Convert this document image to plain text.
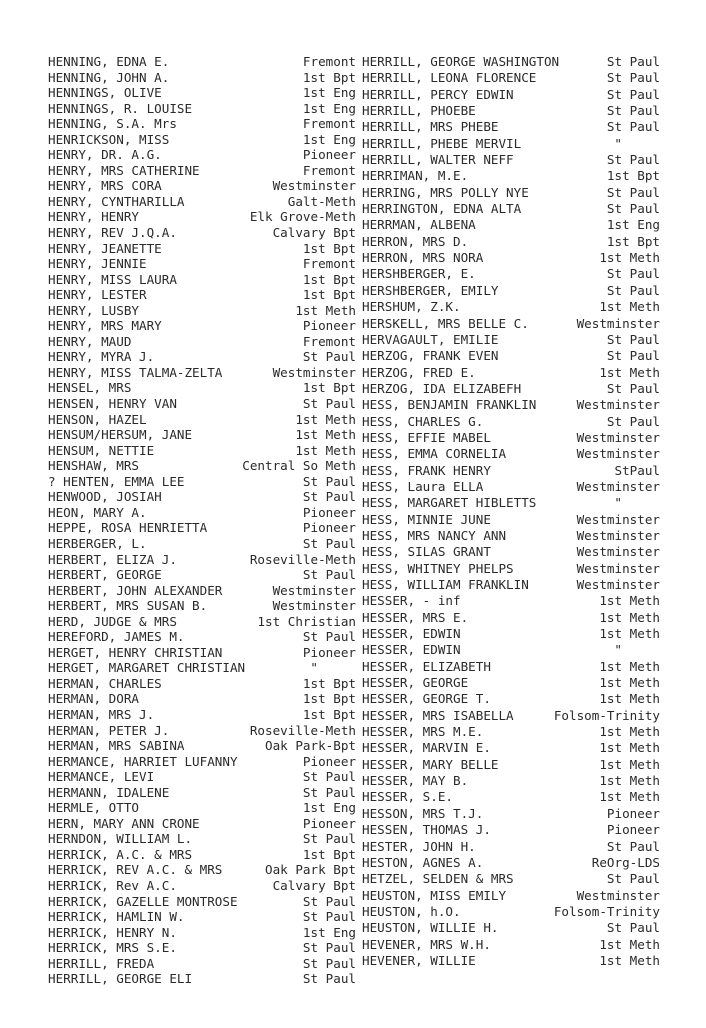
HENNING, EDNA E.	Fremont
HENNING, JOHN A.	1st Bpt
HENNINGS, OLIVE	1st Eng
HENNINGS, R. LOUISE	1st Eng
HENNING, S.A. Mrs	Fremont
HENRICKSON, MISS	1st Eng
HENRY, DR. A.G.	Pioneer
HENRY, MRS CATHERINE	Fremont
HENRY, MRS CORA	Westminster
HENRY, CYNTHARILLA	Galt-Meth
HENRY, HENRY	Elk Grove-Meth
HENRY, REV J.Q.A.	Calvary Bpt
HENRY, JEANETTE	1st Bpt
HENRY, JENNIE	Fremont
HENRY, MISS LAURA	1st Bpt
HENRY, LESTER	1st Bpt
HENRY, LUSBY	1st Meth
HENRY, MRS MARY	Pioneer
HENRY, MAUD	Fremont
HENRY, MYRA J.	St Paul
HENRY, MISS TALMA-ZELTA	Westminster
HENSEL, MRS	1st Bpt
HENSEN, HENRY VAN	St Paul
HENSON, HAZEL	1st Meth
HENSUM/HERSUM, JANE	1st Meth
HENSUM, NETTIE	1st Meth
HENSHAW, MRS	Central So Meth
? HENTEN, EMMA LEE	St Paul
HENWOOD, JOSIAH	St Paul
HEON, MARY A.	Pioneer
HEPPE, ROSA HENRIETTA	Pioneer
HERBERGER, L.	St Paul
HERBERT, ELIZA J.	Roseville-Meth
HERBERT, GEORGE	St Paul
HERBERT, JOHN ALEXANDER	Westminster
HERBERT, MRS SUSAN B.	Westminster
HERD, JUDGE & MRS	1st Christian
HEREFORD, JAMES M.	St Paul
HERGET, HENRY CHRISTIAN	Pioneer
HERGET, MARGARET CHRISTIAN	"
HERMAN, CHARLES	1st Bpt
HERMAN, DORA	1st Bpt
HERMAN, MRS J.	1st Bpt
HERMAN, PETER J.	Roseville-Meth
HERMAN, MRS SABINA	Oak Park-Bpt
HERMANCE, HARRIET LUFANNY	Pioneer
HERMANCE, LEVI	St Paul
HERMANN, IDALENE	St Paul
HERMLE, OTTO	1st Eng
HERN, MARY ANN CRONE	Pioneer
HERNDON, WILLIAM L.	St Paul
HERRICK, A.C. & MRS	1st Bpt
HERRICK, REV A.C. & MRS	Oak Park Bpt
HERRICK, Rev A.C.	Calvary Bpt
HERRICK, GAZELLE MONTROSE	St Paul
HERRICK, HAMLIN W.	St Paul
HERRICK, HENRY N.	1st Eng
HERRICK, MRS S.E.	St Paul
HERRILL, FREDA	St Paul
HERRILL, GEORGE ELI	St Paul
HERRILL, GEORGE WASHINGTON	St Paul
HERRILL, LEONA FLORENCE	St Paul
HERRILL, PERCY EDWIN	St Paul
HERRILL, PHOEBE	St Paul
HERRILL, MRS PHEBE	St Paul
HERRILL, PHEBE MERVIL	"
HERRILL, WALTER NEFF	St Paul
HERRIMAN, M.E.	1st Bpt
HERRING, MRS POLLY NYE	St Paul
HERRINGTON, EDNA ALTA	St Paul
HERRMAN, ALBENA	1st Eng
HERRON, MRS D.	1st Bpt
HERRON, MRS NORA	1st Meth
HERSHBERGER, E.	St Paul
HERSHBERGER, EMILY	St Paul
HERSHUM, Z.K.	1st Meth
HERSKELL, MRS BELLE C.	Westminster
HERVAGAULT, EMILIE	St Paul
HERZOG, FRANK EVEN	St Paul
HERZOG, FRED E.	1st Meth
HERZOG, IDA ELIZABEFH	St Paul
HESS, BENJAMIN FRANKLIN	Westminster
HESS, CHARLES G.	St Paul
HESS, EFFIE MABEL	Westminster
HESS, EMMA CORNELIA	Westminster
HESS, FRANK HENRY	StPaul
HESS, Laura ELLA	Westminster
HESS, MARGARET HIBLETTS	"
HESS, MINNIE JUNE	Westminster
HESS, MRS NANCY ANN	Westminster
HESS, SILAS GRANT	Westminster
HESS, WHITNEY PHELPS	Westminster
HESS, WILLIAM FRANKLIN	Westminster
HESSER, - inf	1st Meth
HESSER, MRS E.	1st Meth
HESSER, EDWIN	1st Meth
HESSER, EDWIN	"
HESSER, ELIZABETH	1st Meth
HESSER, GEORGE	1st Meth
HESSER, GEORGE T.	1st Meth
HESSER, MRS ISABELLA	Folsom-Trinity
HESSER, MRS M.E.	1st Meth
HESSER, MARVIN E.	1st Meth
HESSER, MARY BELLE	1st Meth
HESSER, MAY B.	1st Meth
HESSER, S.E.	1st Meth
HESSON, MRS T.J.	Pioneer
HESSEN, THOMAS J.	Pioneer
HESTER, JOHN H.	St Paul
HESTON, AGNES A.	ReOrg-LDS
HETZEL, SELDEN & MRS	St Paul
HEUSTON, MISS EMILY	Westminster
HEUSTON, h.O.	Folsom-Trinity
HEUSTON, WILLIE H.	St Paul
HEVENER, MRS W.H.	1st Meth
HEVENER, WILLIE	1st Meth
